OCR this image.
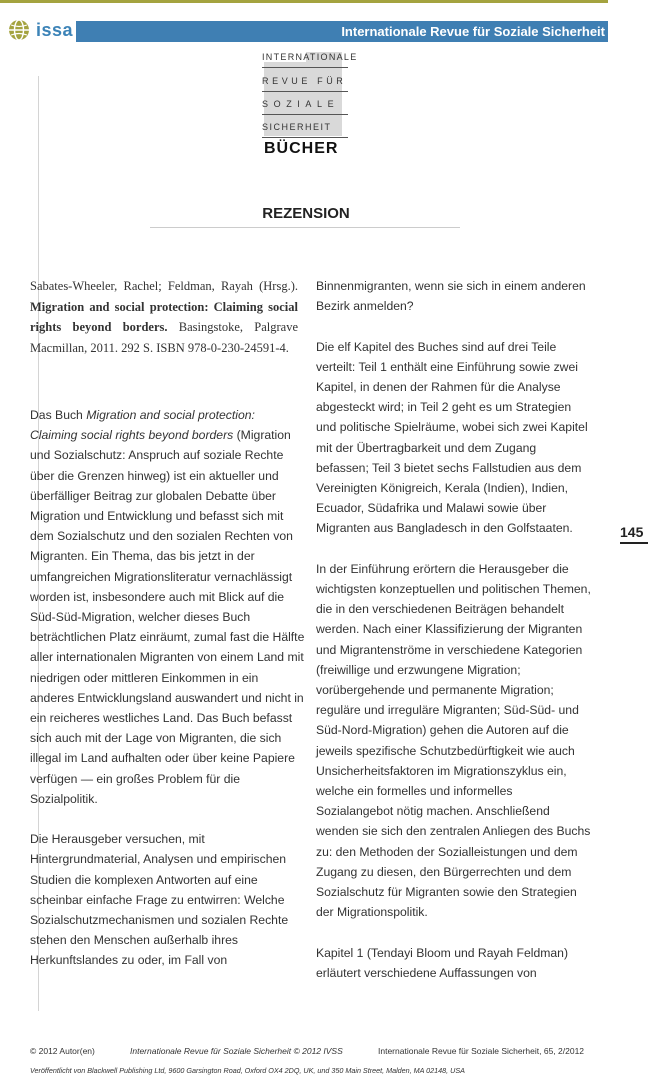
issa	Internationale Revue für Soziale Sicherheit
INTERNATIONALE
REVUE FÜR
SOZIALE
SICHERHEIT
BÜCHER
REZENSION
Sabates-Wheeler, Rachel; Feldman, Rayah (Hrsg.). Migration and social protection: Claiming social rights beyond borders. Basingstoke, Palgrave Macmillan, 2011. 292 S. ISBN 978-0-230-24591-4.

Das Buch Migration and social protection: Claiming social rights beyond borders (Migration und Sozialschutz: Anspruch auf soziale Rechte über die Grenzen hinweg) ist ein aktueller und überfälliger Beitrag zur globalen Debatte über Migration und Entwicklung und befasst sich mit dem Sozialschutz und den sozialen Rechten von Migranten. Ein Thema, das bis jetzt in der umfangreichen Migrationsliteratur vernachlässigt worden ist, insbesondere auch mit Blick auf die Süd-Süd-Migration, welcher dieses Buch beträchtlichen Platz einräumt, zumal fast die Hälfte aller internationalen Migranten von einem Land mit niedrigen oder mittleren Einkommen in ein anderes Entwicklungsland auswandert und nicht in ein reicheres westliches Land. Das Buch befasst sich auch mit der Lage von Migranten, die sich illegal im Land aufhalten oder über keine Papiere verfügen — ein großes Problem für die Sozialpolitik.

Die Herausgeber versuchen, mit Hintergrundmaterial, Analysen und empirischen Studien die komplexen Antworten auf eine scheinbar einfache Frage zu entwirren: Welche Sozialschutzmechanismen und sozialen Rechte stehen den Menschen außerhalb ihres Herkunftslandes zu oder, im Fall von

Binnenmigranten, wenn sie sich in einem anderen Bezirk anmelden?

Die elf Kapitel des Buches sind auf drei Teile verteilt: Teil 1 enthält eine Einführung sowie zwei Kapitel, in denen der Rahmen für die Analyse abgesteckt wird; in Teil 2 geht es um Strategien und politische Spielräume, wobei sich zwei Kapitel mit der Übertragbarkeit und dem Zugang befassen; Teil 3 bietet sechs Fallstudien aus dem Vereinigten Königreich, Kerala (Indien), Indien, Ecuador, Südafrika und Malawi sowie über Migranten aus Bangladesch in den Golfstaaten.

In der Einführung erörtern die Herausgeber die wichtigsten konzeptuellen und politischen Themen, die in den verschiedenen Beiträgen behandelt werden. Nach einer Klassifizierung der Migranten und Migrantenströme in verschiedene Kategorien (freiwillige und erzwungene Migration; vorübergehende und permanente Migration; reguläre und irreguläre Migranten; Süd-Süd- und Süd-Nord-Migration) gehen die Autoren auf die jeweils spezifische Schutzbedürftigkeit wie auch Unsicherheitsfaktoren im Migrationszyklus ein, welche ein formelles und informelles Sozialangebot nötig machen. Anschließend wenden sie sich den zentralen Anliegen des Buchs zu: den Methoden der Sozialleistungen und dem Zugang zu diesen, den Bürgerrechten und dem Sozialschutz für Migranten sowie den Strategien der Migrationspolitik.

Kapitel 1 (Tendayi Bloom und Rayah Feldman) erläutert verschiedene Auffassungen von

145
© 2012 Autor(en)	Internationale Revue für Soziale Sicherheit © 2012 IVSS	Internationale Revue für Soziale Sicherheit, 65, 2/2012
Veröffentlicht von Blackwell Publishing Ltd, 9600 Garsington Road, Oxford OX4 2DQ, UK, und 350 Main Street, Malden, MA 02148, USA
